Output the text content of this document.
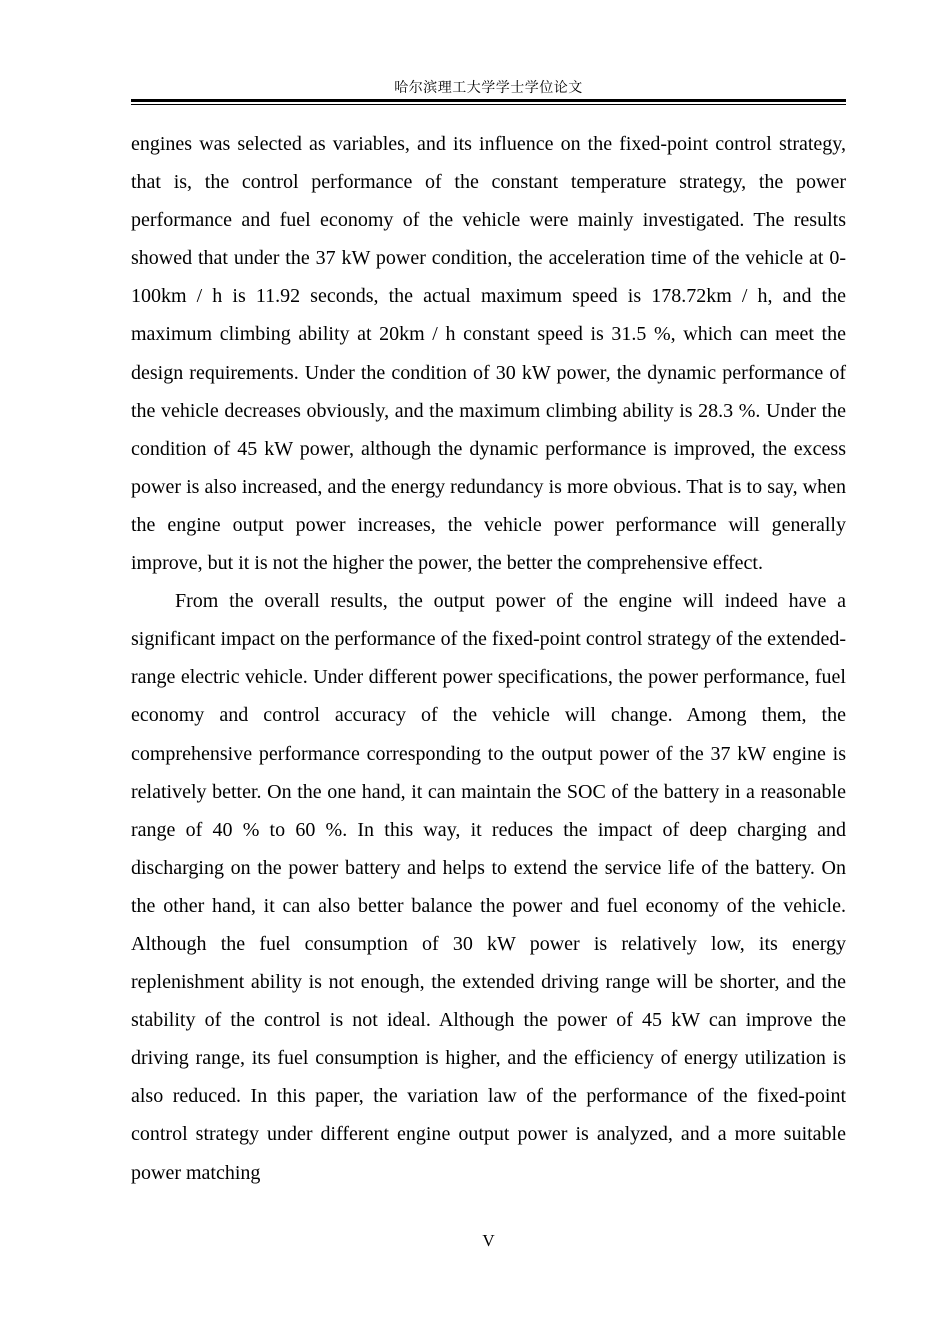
哈尔滨理工大学学士学位论文

engines was selected as variables, and its influence on the fixed-point control strategy, that is, the control performance of the constant temperature strategy, the power performance and fuel economy of the vehicle were mainly investigated. The results showed that under the 37 kW power condition, the acceleration time of the vehicle at 0-100km / h is 11.92 seconds, the actual maximum speed is 178.72km / h, and the maximum climbing ability at 20km / h constant speed is 31.5 %, which can meet the design requirements. Under the condition of 30 kW power, the dynamic performance of the vehicle decreases obviously, and the maximum climbing ability is 28.3 %. Under the condition of 45 kW power, although the dynamic performance is improved, the excess power is also increased, and the energy redundancy is more obvious. That is to say, when the engine output power increases, the vehicle power performance will generally improve, but it is not the higher the power, the better the comprehensive effect.

From the overall results, the output power of the engine will indeed have a significant impact on the performance of the fixed-point control strategy of the extended-range electric vehicle. Under different power specifications, the power performance, fuel economy and control accuracy of the vehicle will change. Among them, the comprehensive performance corresponding to the output power of the 37 kW engine is relatively better. On the one hand, it can maintain the SOC of the battery in a reasonable range of 40 % to 60 %. In this way, it reduces the impact of deep charging and discharging on the power battery and helps to extend the service life of the battery. On the other hand, it can also better balance the power and fuel economy of the vehicle. Although the fuel consumption of 30 kW power is relatively low, its energy replenishment ability is not enough, the extended driving range will be shorter, and the stability of the control is not ideal. Although the power of 45 kW can improve the driving range, its fuel consumption is higher, and the efficiency of energy utilization is also reduced. In this paper, the variation law of the performance of the fixed-point control strategy under different engine output power is analyzed, and a more suitable power matching

V
